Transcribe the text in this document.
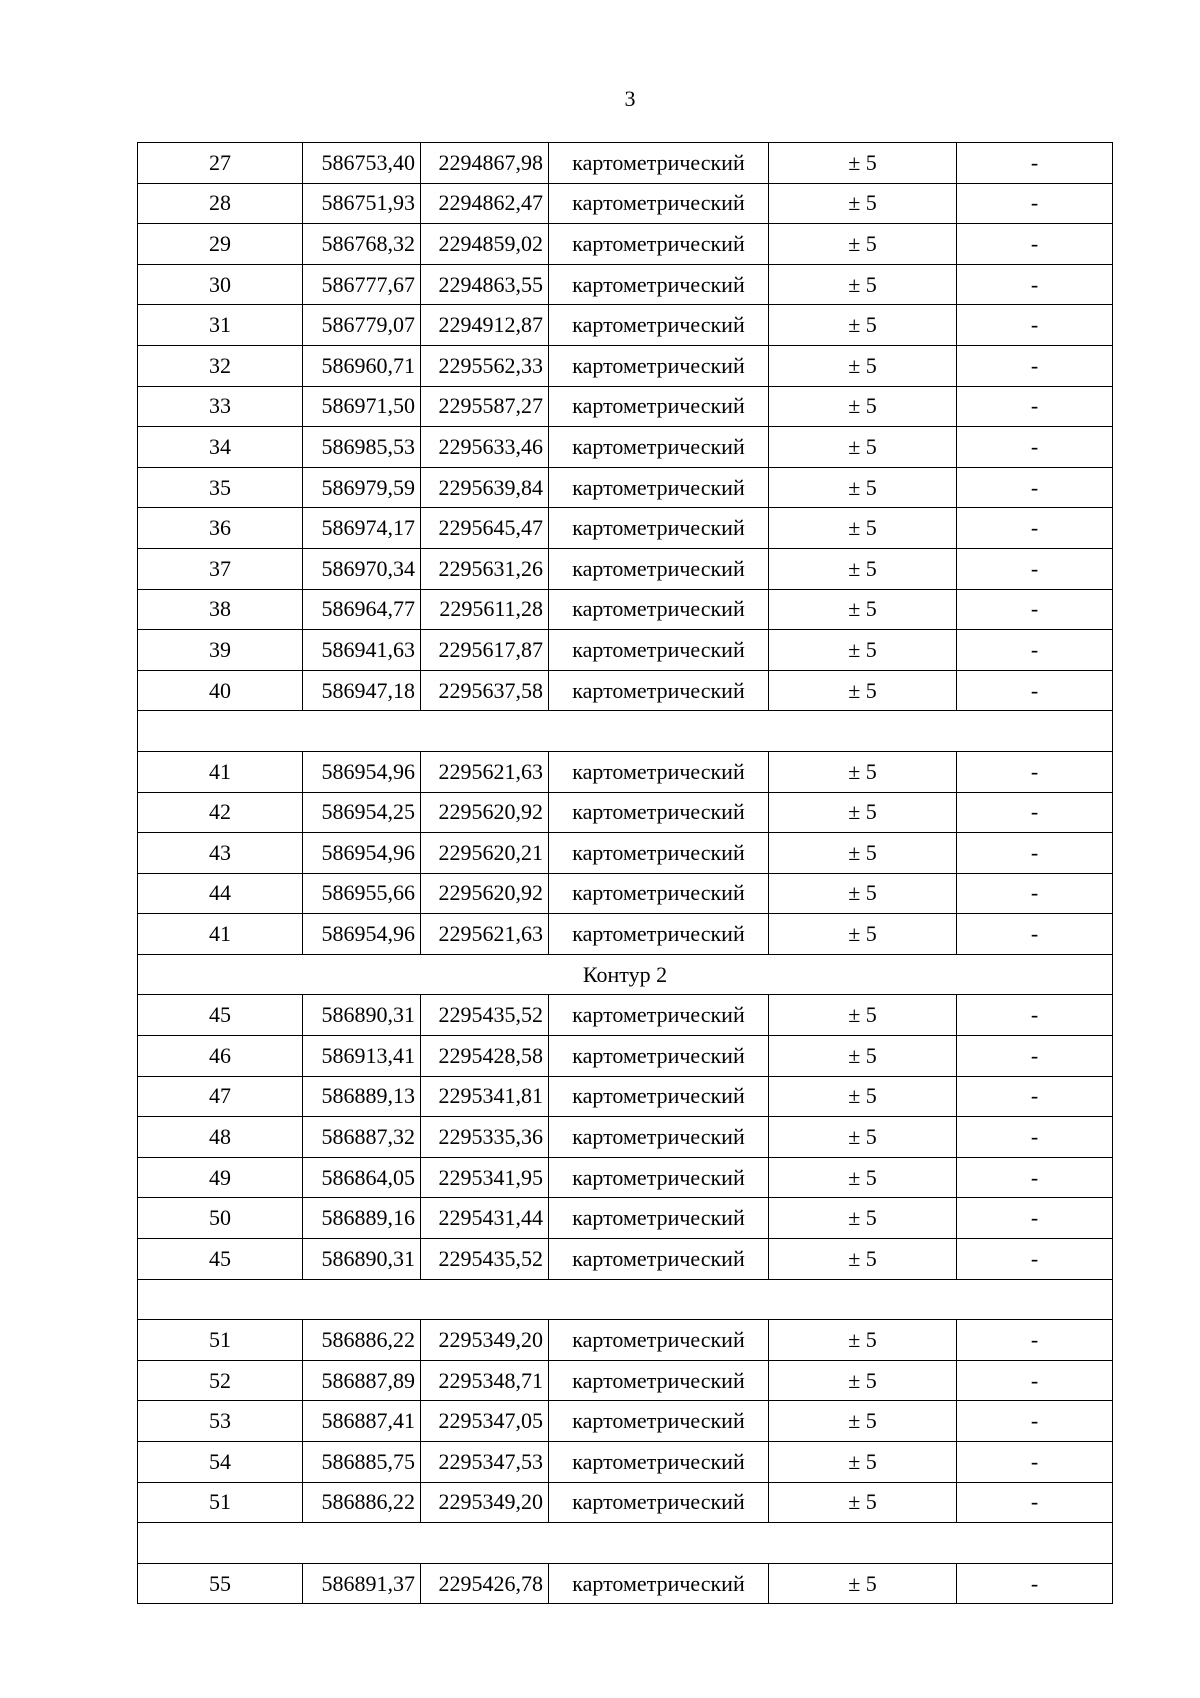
3
27	586753,40	2294867,98	картометрический	± 5	-
28	586751,93	2294862,47	картометрический	± 5	-
29	586768,32	2294859,02	картометрический	± 5	-
30	586777,67	2294863,55	картометрический	± 5	-
31	586779,07	2294912,87	картометрический	± 5	-
32	586960,71	2295562,33	картометрический	± 5	-
33	586971,50	2295587,27	картометрический	± 5	-
34	586985,53	2295633,46	картометрический	± 5	-
35	586979,59	2295639,84	картометрический	± 5	-
36	586974,17	2295645,47	картометрический	± 5	-
37	586970,34	2295631,26	картометрический	± 5	-
38	586964,77	2295611,28	картометрический	± 5	-
39	586941,63	2295617,87	картометрический	± 5	-
40	586947,18	2295637,58	картометрический	± 5	-

41	586954,96	2295621,63	картометрический	± 5	-
42	586954,25	2295620,92	картометрический	± 5	-
43	586954,96	2295620,21	картометрический	± 5	-
44	586955,66	2295620,92	картометрический	± 5	-
41	586954,96	2295621,63	картометрический	± 5	-
Контур 2					
45	586890,31	2295435,52	картометрический	± 5	-
46	586913,41	2295428,58	картометрический	± 5	-
47	586889,13	2295341,81	картометрический	± 5	-
48	586887,32	2295335,36	картометрический	± 5	-
49	586864,05	2295341,95	картометрический	± 5	-
50	586889,16	2295431,44	картометрический	± 5	-
45	586890,31	2295435,52	картометрический	± 5	-

51	586886,22	2295349,20	картометрический	± 5	-
52	586887,89	2295348,71	картометрический	± 5	-
53	586887,41	2295347,05	картометрический	± 5	-
54	586885,75	2295347,53	картометрический	± 5	-
51	586886,22	2295349,20	картометрический	± 5	-

55	586891,37	2295426,78	картометрический	± 5	-
